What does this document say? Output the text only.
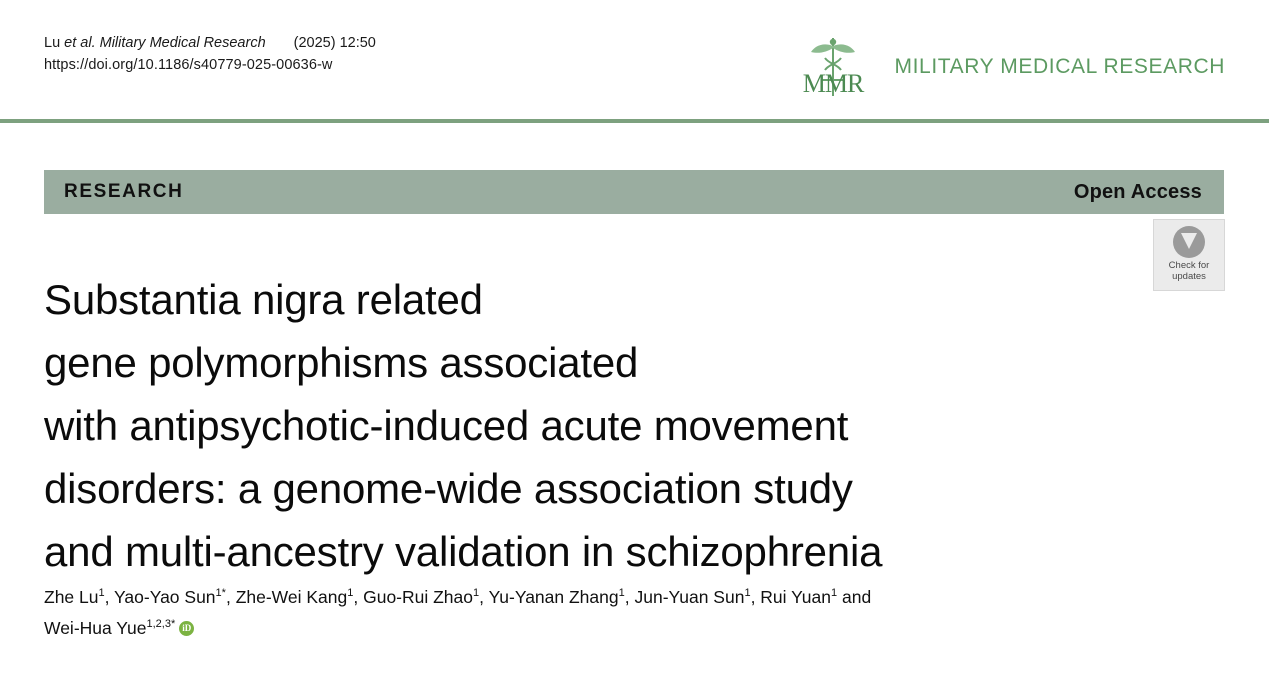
Lu et al. Military Medical Research (2025) 12:50
https://doi.org/10.1186/s40779-025-00636-w
MMR
MILITARY MEDICAL RESEARCH
RESEARCH	Open Access
Check for
updates
Substantia nigra related
gene polymorphisms associated
with antipsychotic-induced acute movement
disorders: a genome-wide association study
and multi-ancestry validation in schizophrenia
Zhe Lu$^1$, Yao-Yao Sun$^{1*}$, Zhe-Wei Kang$^1$, Guo-Rui Zhao$^1$, Yu-Yanan Zhang$^1$, Jun-Yuan Sun$^1$, Rui Yuan$^1$ and
Wei-Hua Yue$^{1,2,3*}$iD
